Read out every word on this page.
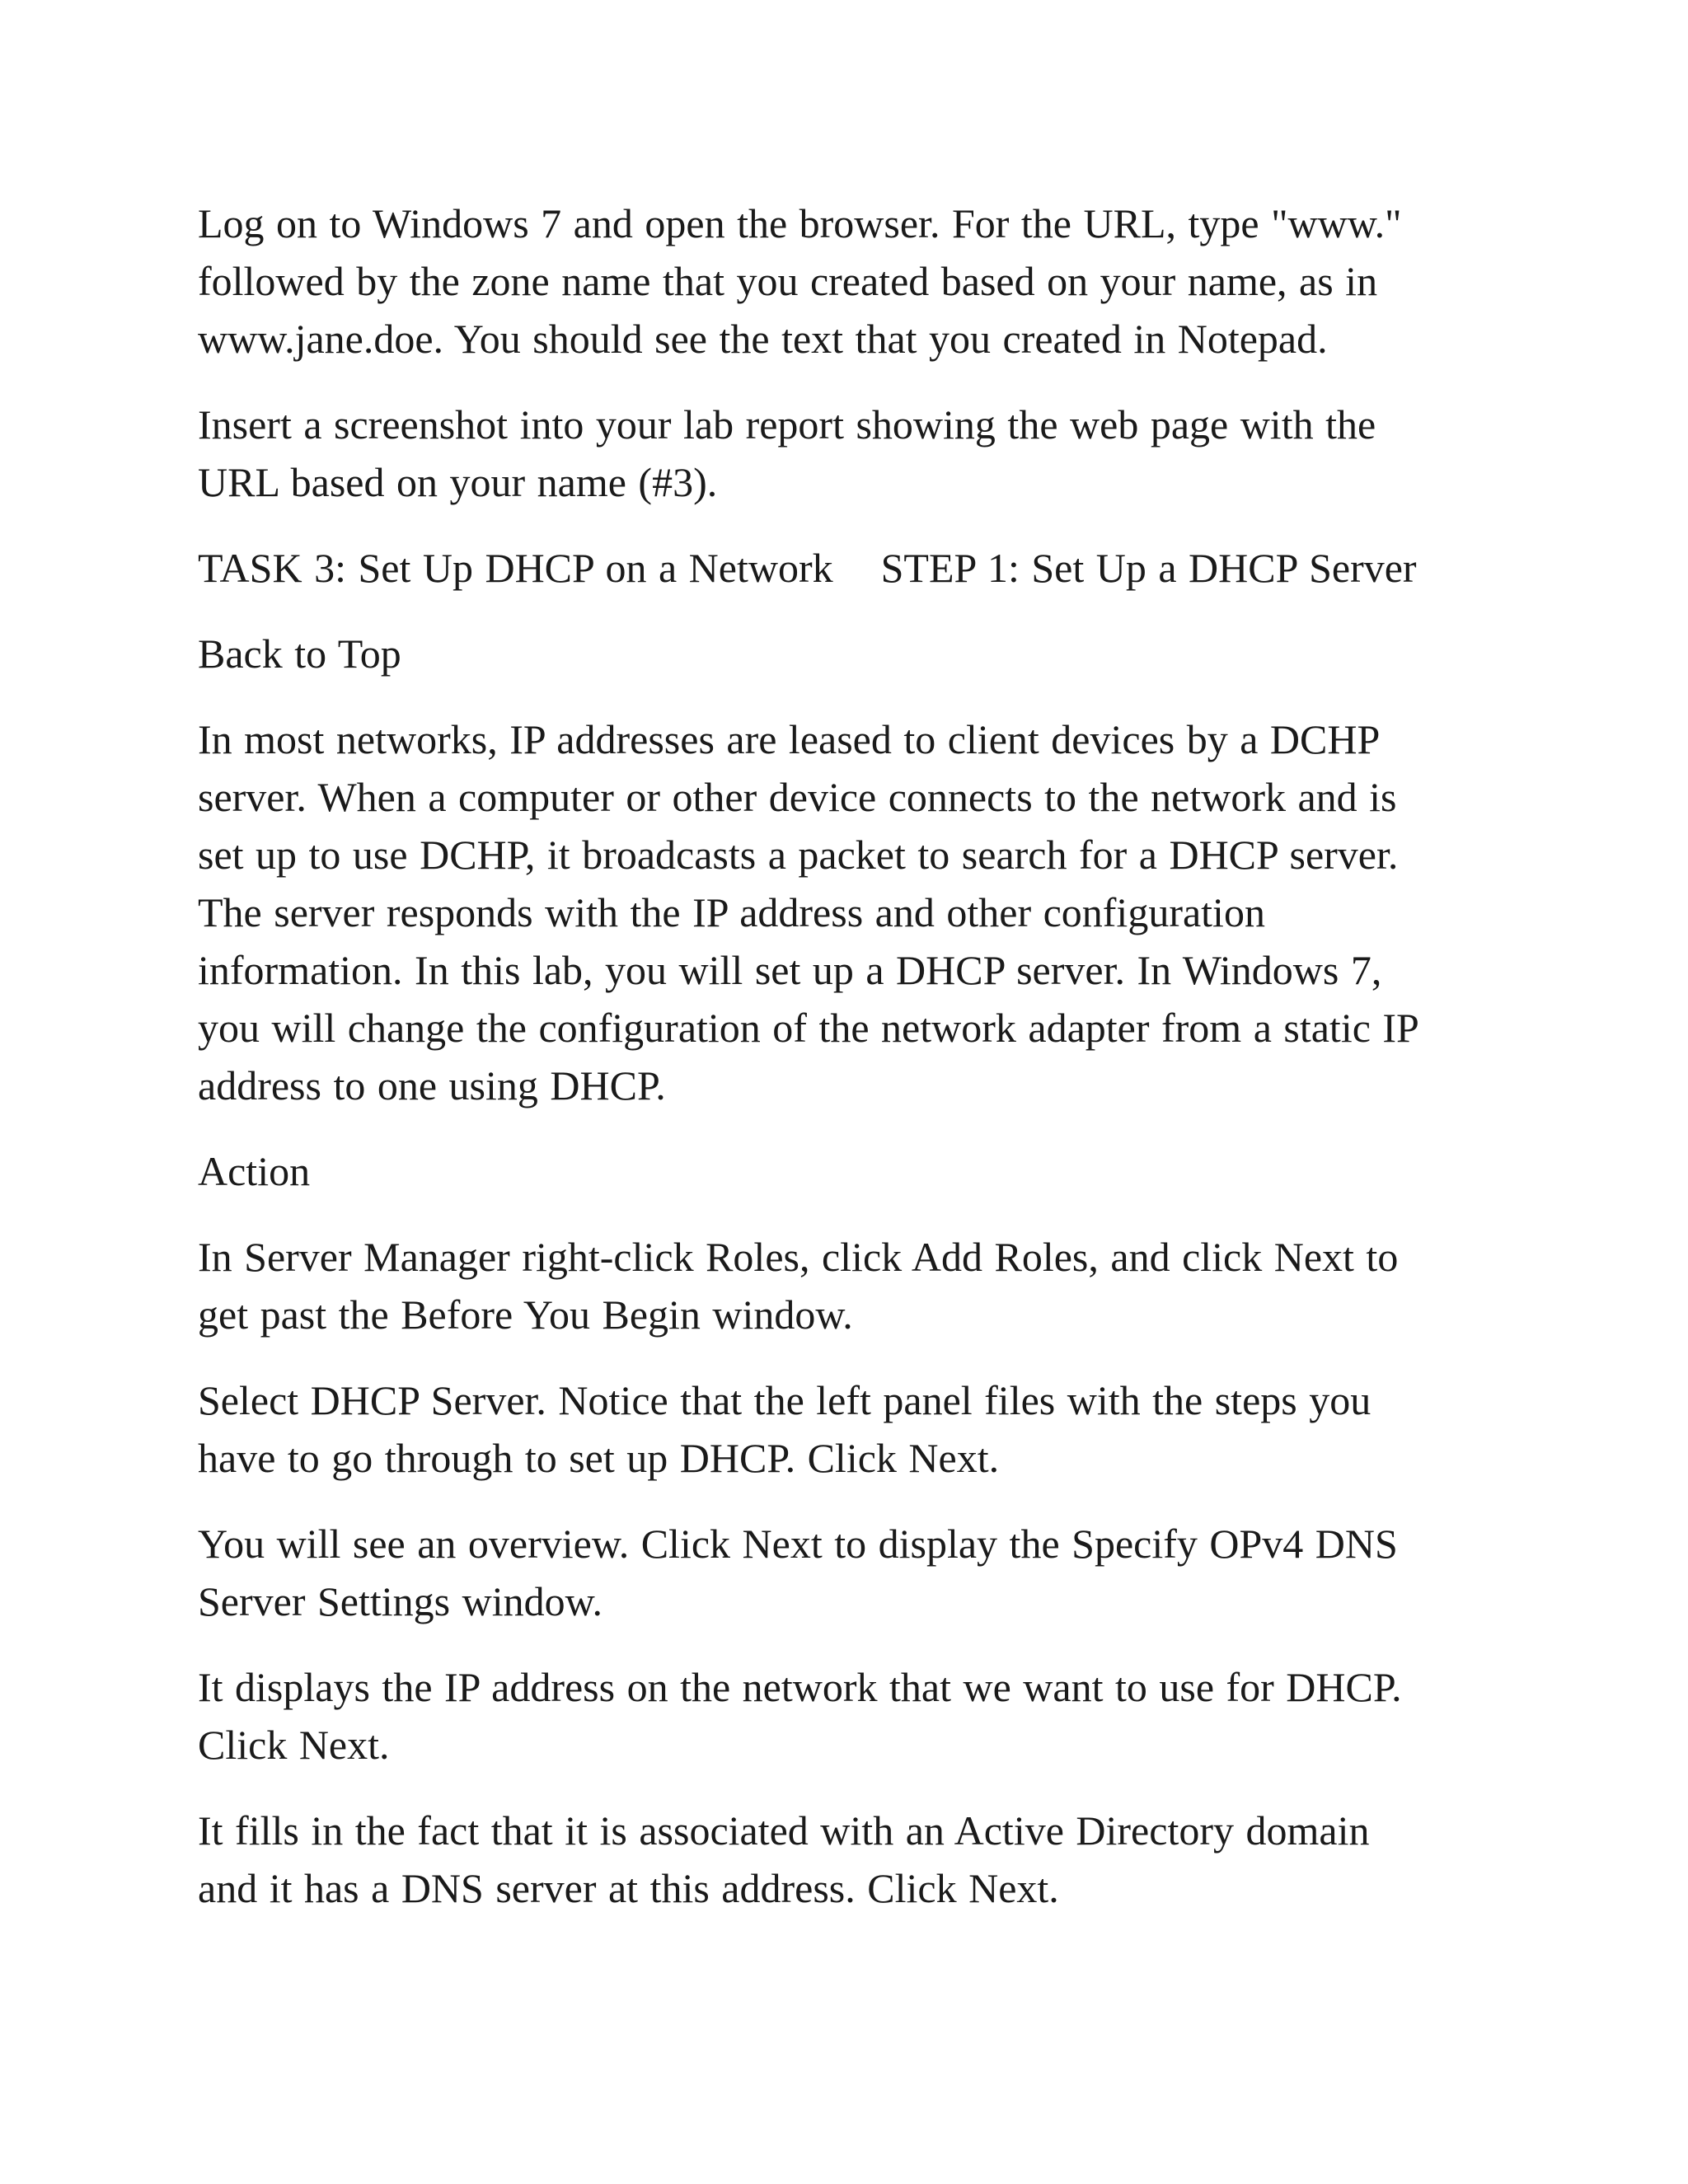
Log on to Windows 7 and open the browser. For the URL, type "www."
followed by the zone name that you created based on your name, as in
www.jane.doe. You should see the text that you created in Notepad.

Insert a screenshot into your lab report showing the web page with the
URL based on your name (#3).

TASK 3: Set Up DHCP on a Network STEP 1: Set Up a DHCP Server

Back to Top

In most networks, IP addresses are leased to client devices by a DCHP
server. When a computer or other device connects to the network and is
set up to use DCHP, it broadcasts a packet to search for a DHCP server.
The server responds with the IP address and other configuration
information. In this lab, you will set up a DHCP server. In Windows 7,
you will change the configuration of the network adapter from a static IP
address to one using DHCP.

Action

In Server Manager right-click Roles, click Add Roles, and click Next to
get past the Before You Begin window.

Select DHCP Server. Notice that the left panel files with the steps you
have to go through to set up DHCP. Click Next.

You will see an overview. Click Next to display the Specify OPv4 DNS
Server Settings window.

It displays the IP address on the network that we want to use for DHCP.
Click Next.

It fills in the fact that it is associated with an Active Directory domain
and it has a DNS server at this address. Click Next.
